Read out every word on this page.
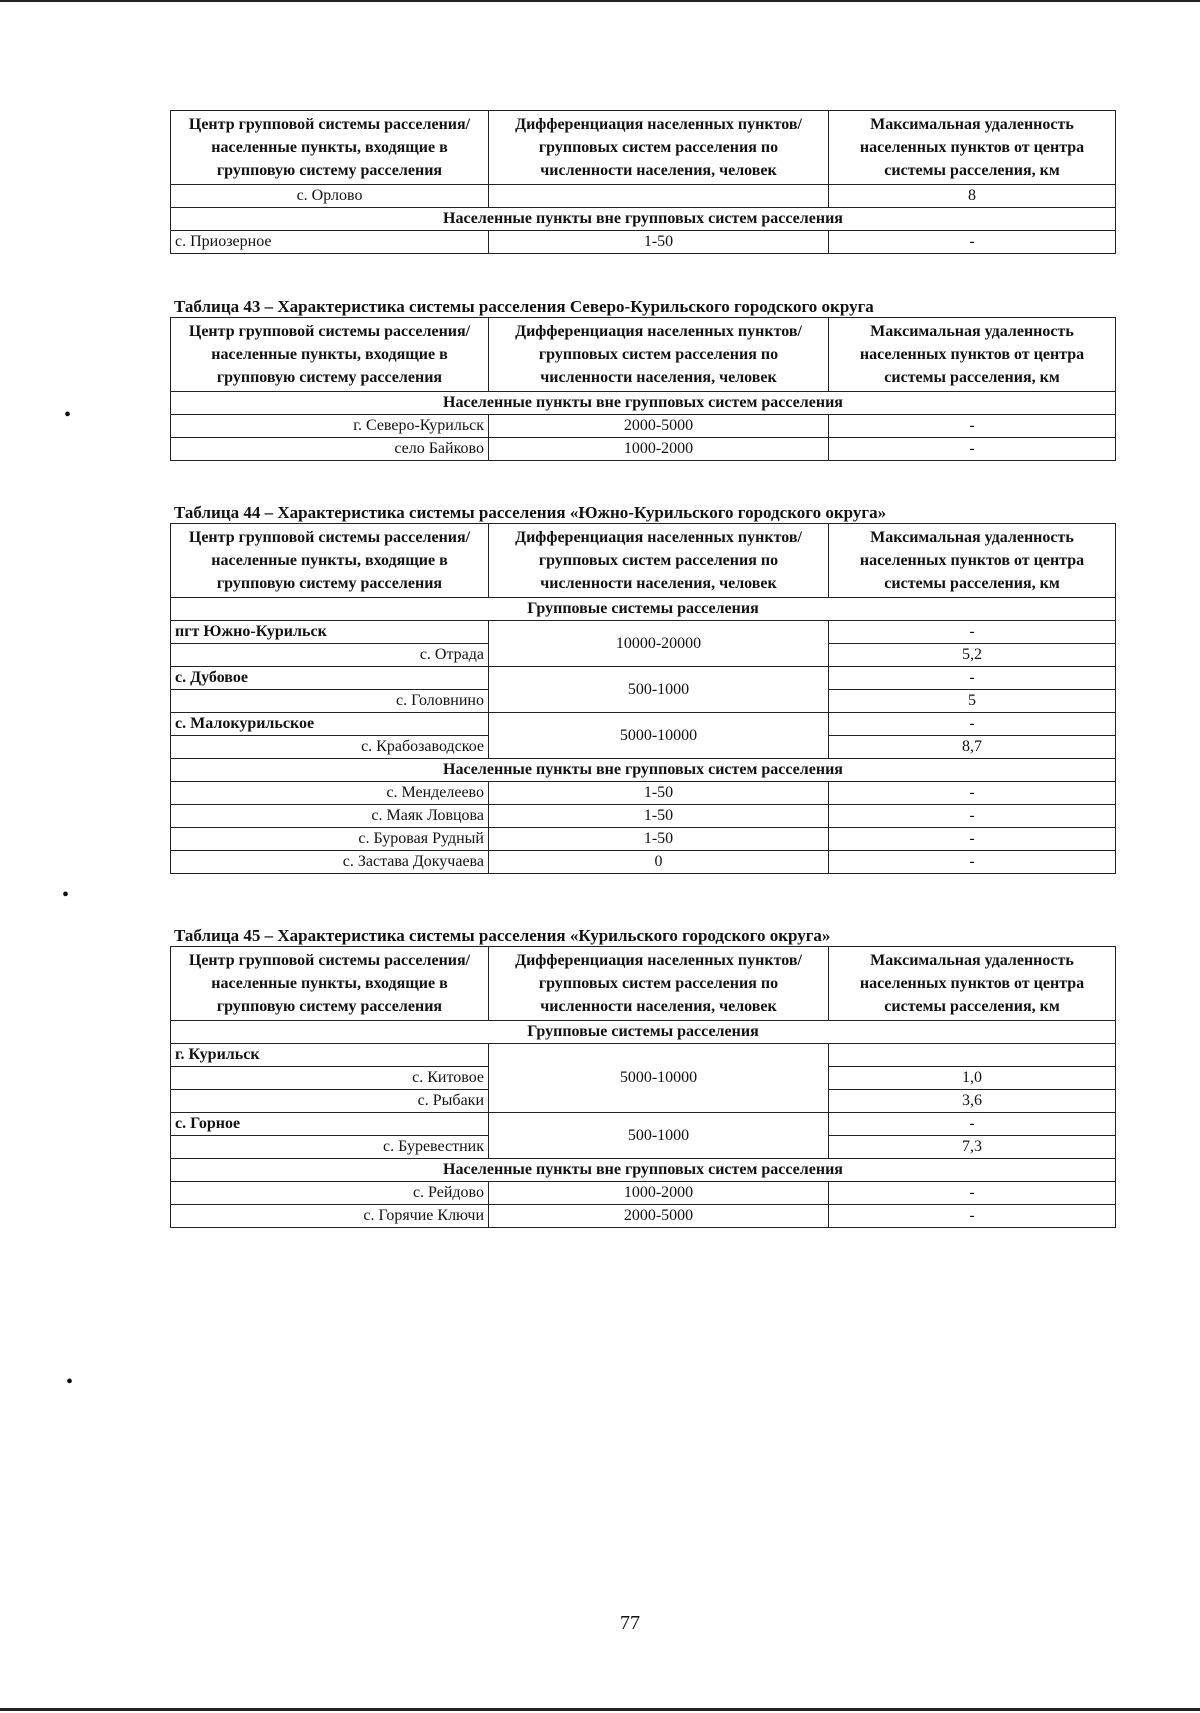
Центр групповой системы расселения/населенные пункты, входящие в групповую систему расселения	Дифференциация населенных пунктов/групповых систем расселения по численности населения, человек	Максимальная удаленность населенных пунктов от центра системы расселения, км
с. Орлово		8
Населенные пункты вне групповых систем расселения		
с. Приозерное	1-50	-

Таблица 43 – Характеристика системы расселения Северо-Курильского городского округа

Центр групповой системы расселения/населенные пункты, входящие в групповую систему расселения	Дифференциация населенных пунктов/групповых систем расселения по численности населения, человек	Максимальная удаленность населенных пунктов от центра системы расселения, км
Населенные пункты вне групповых систем расселения		
г. Северо-Курильск	2000-5000	-
село Байково	1000-2000	-

Таблица 44 – Характеристика системы расселения «Южно-Курильского городского округа»

Центр групповой системы расселения/населенные пункты, входящие в групповую систему расселения	Дифференциация населенных пунктов/групповых систем расселения по численности населения, человек	Максимальная удаленность населенных пунктов от центра системы расселения, км
Групповые системы расселения		
пгт Южно-Курильск	10000-20000	-
с. Отрада		5,2
с. Дубовое	500-1000	-
с. Головнино		5
с. Малокурильское	5000-10000	-
с. Крабозаводское		8,7
Населенные пункты вне групповых систем расселения		
с. Менделеево	1-50	-
с. Маяк Ловцова	1-50	-
с. Буровая Рудный	1-50	-
с. Застава Докучаева	0	-

Таблица 45 – Характеристика системы расселения «Курильского городского округа»

Центр групповой системы расселения/населенные пункты, входящие в групповую систему расселения	Дифференциация населенных пунктов/групповых систем расселения по численности населения, человек	Максимальная удаленность населенных пунктов от центра системы расселения, км
Групповые системы расселения		
г. Курильск	5000-10000	
с. Китовое		1,0
с. Рыбаки		3,6
с. Горное	500-1000	-
с. Буревестник		7,3
Населенные пункты вне групповых систем расселения		
с. Рейдово	1000-2000	-
с. Горячие Ключи	2000-5000	-
•
•
•
77
